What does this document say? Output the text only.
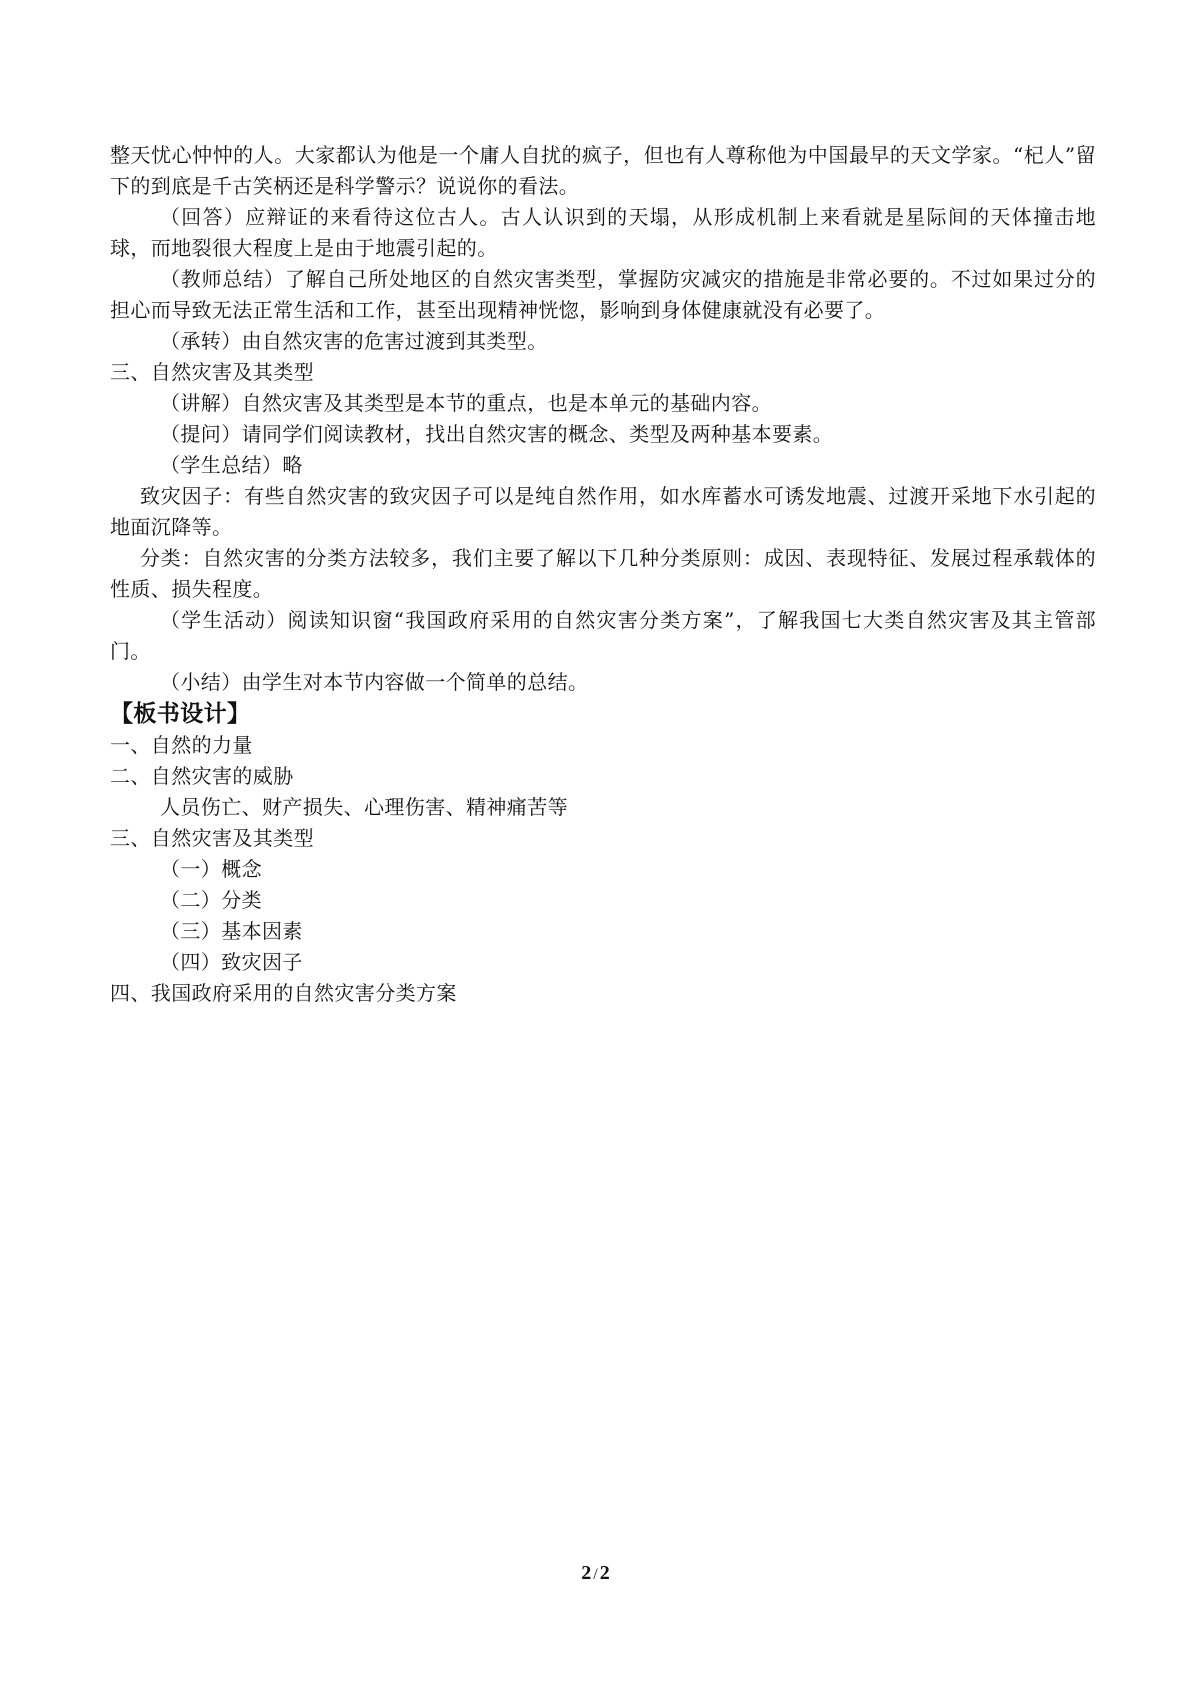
整天忧心忡忡的人。大家都认为他是一个庸人自扰的疯子，但也有人尊称他为中国最早的天文学家。“杞人”留下的到底是千古笑柄还是科学警示？说说你的看法。

（回答）应辩证的来看待这位古人。古人认识到的天塌，从形成机制上来看就是星际间的天体撞击地球，而地裂很大程度上是由于地震引起的。

（教师总结）了解自己所处地区的自然灾害类型，掌握防灾减灾的措施是非常必要的。不过如果过分的担心而导致无法正常生活和工作，甚至出现精神恍惚，影响到身体健康就没有必要了。

（承转）由自然灾害的危害过渡到其类型。

三、自然灾害及其类型

（讲解）自然灾害及其类型是本节的重点，也是本单元的基础内容。

（提问）请同学们阅读教材，找出自然灾害的概念、类型及两种基本要素。

（学生总结）略

致灾因子：有些自然灾害的致灾因子可以是纯自然作用，如水库蓄水可诱发地震、过渡开采地下水引起的地面沉降等。

分类：自然灾害的分类方法较多，我们主要了解以下几种分类原则：成因、表现特征、发展过程承载体的性质、损失程度。

（学生活动）阅读知识窗“我国政府采用的自然灾害分类方案”，了解我国七大类自然灾害及其主管部门。

（小结）由学生对本节内容做一个简单的总结。

【板书设计】

一、自然的力量

二、自然灾害的威胁

人员伤亡、财产损失、心理伤害、精神痛苦等

三、自然灾害及其类型

（一）概念

（二）分类

（三）基本因素

（四）致灾因子

四、我国政府采用的自然灾害分类方案

2 / 2
